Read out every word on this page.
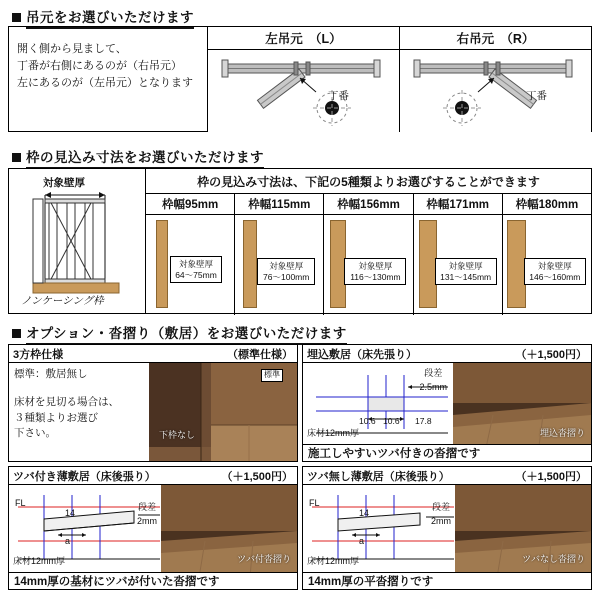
吊元をお選びいただけます
開く側から見まして、
丁番が右側にあるのが（右吊元）
左にあるのが（左吊元）となります
左吊元　（L）
丁番
右吊元　（R）
丁番
枠の見込み寸法をお選びいただけます
対象壁厚
ノンケーシング枠
枠の見込み寸法は、下記の5種類よりお選びすることができます
枠幅95mm
対象壁厚
64〜75mm
枠幅115mm
対象壁厚
76〜100mm
枠幅156mm
対象壁厚
116〜130mm
枠幅171mm
対象壁厚
131〜145mm
枠幅180mm
対象壁厚
146〜160mm
オプション・沓摺り（敷居）をお選びいただけます
3方枠仕様	（標準仕様）
標準：敷居無し
床材を見切る場合は、
３種類よりお選び
下さい。
標準
下枠なし
埋込敷居（床先張り）	（＋1,500円）
段差
2.5mm
10.6 10.6 17.8
床材12mm厚	埋込沓摺り
施工しやすいツバ付きの沓摺です
ツバ付き薄敷居（床後張り）	（＋1,500円）
FL
14
a
段差
2mm
床材12mm厚	ツバ付沓摺り
14mm厚の基材にツバが付いた沓摺です
ツバ無し薄敷居（床後張り）	（＋1,500円）
FL
14
a
段差
2mm
床材12mm厚	ツバなし沓摺り
14mm厚の平沓摺りです
